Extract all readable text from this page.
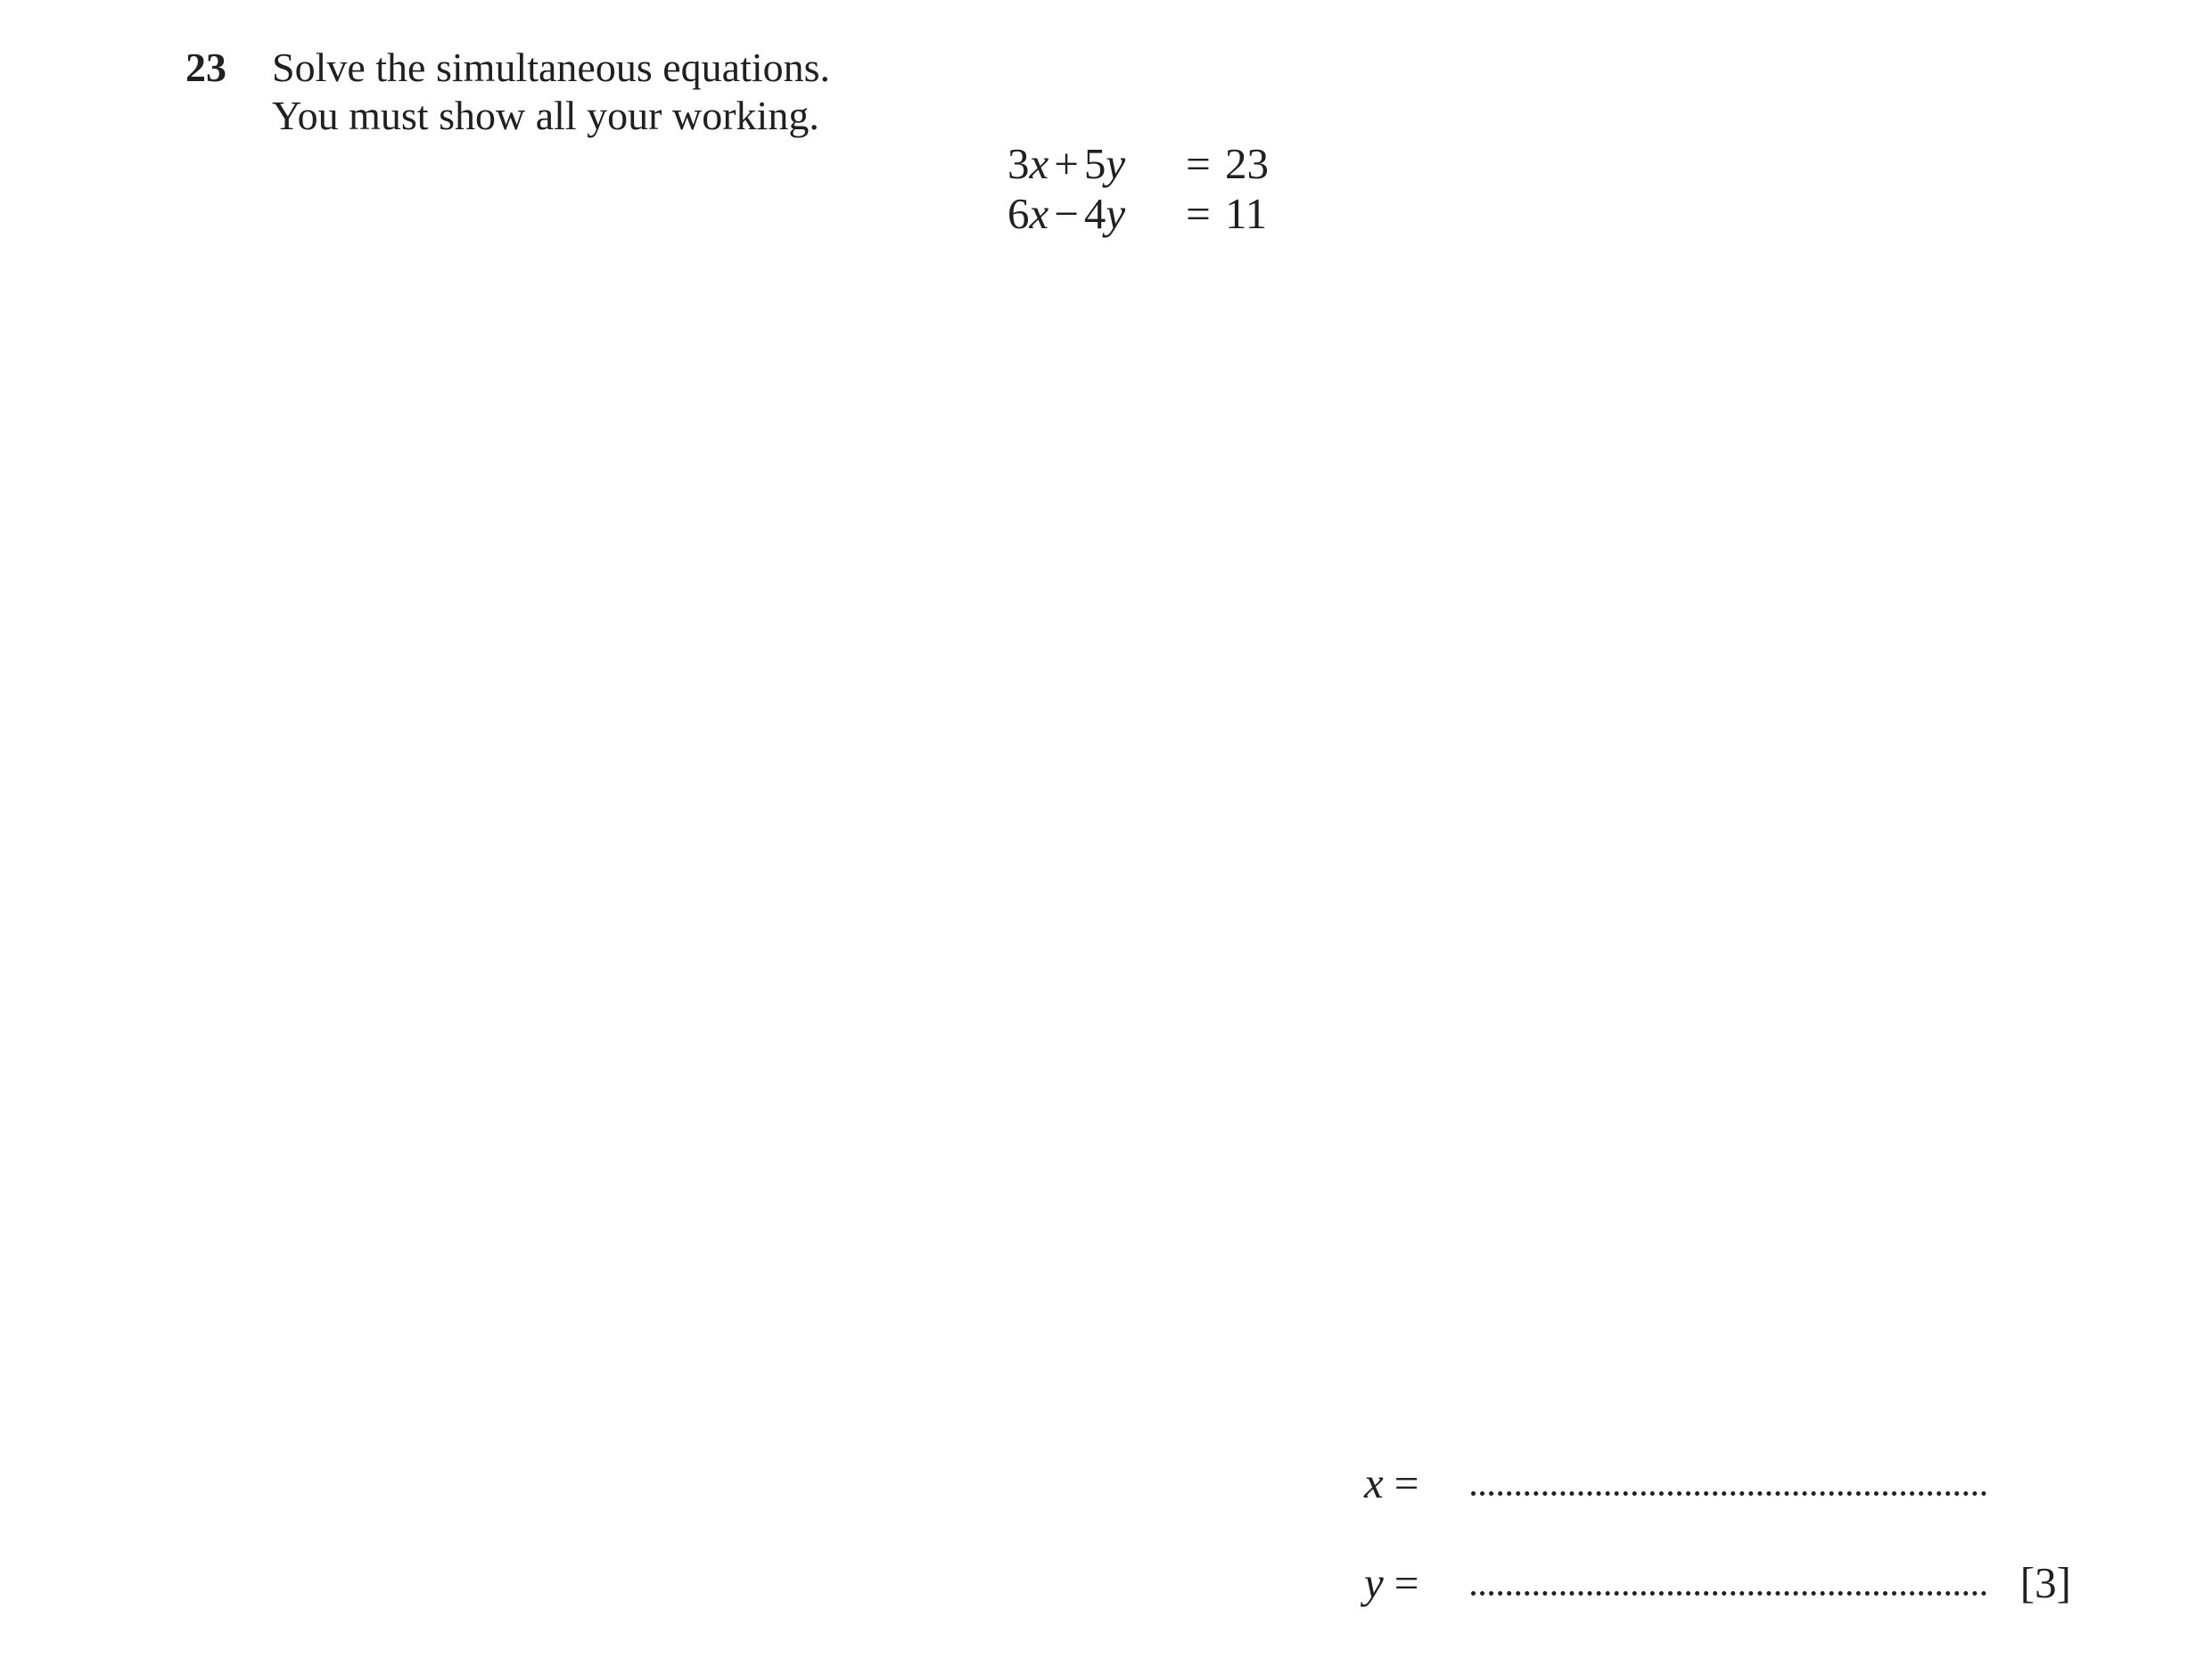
23 Solve the simultaneous equations.
You must show all your working.
3x + 5y	= 23
6x − 4y	= 11
x =
y =	[3]
